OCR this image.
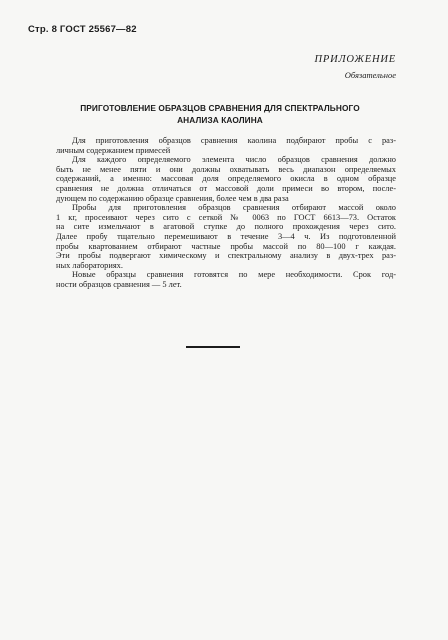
Стр. 8 ГОСТ 25567—82
ПРИЛОЖЕНИЕ
Обязательное
ПРИГОТОВЛЕНИЕ ОБРАЗЦОВ СРАВНЕНИЯ ДЛЯ СПЕКТРАЛЬНОГО
АНАЛИЗА КАОЛИНА
Для приготовления образцов сравнения каолина подбирают пробы с раз-
личным содержанием примесей
Для каждого определяемого элемента число образцов сравнения должно
быть не менее пяти и они должны охватывать весь диапазон определяемых
содержаний, а именно: массовая доля определяемого окисла в одном образце
сравнения не должна отличаться от массовой доли примеси во втором, после-
дующем по содержанию образце сравнения, более чем в два раза
Пробы для приготовления образцов сравнения отбирают массой около
1 кг, просеивают через сито с сеткой № 0063 по ГОСТ 6613—73. Остаток
на сите измельчают в агатовой ступке до полного прохождения через сито.
Далее пробу тщательно перемешивают в течение 3—4 ч. Из подготовленной
пробы квартованием отбирают частные пробы массой по 80—100 г каждая.
Эти пробы подвергают химическому и спектральному анализу в двух-трех раз-
ных лабораториях.
Новые образцы сравнения готовятся по мере необходимости. Срок год-
ности образцов сравнения — 5 лет.
